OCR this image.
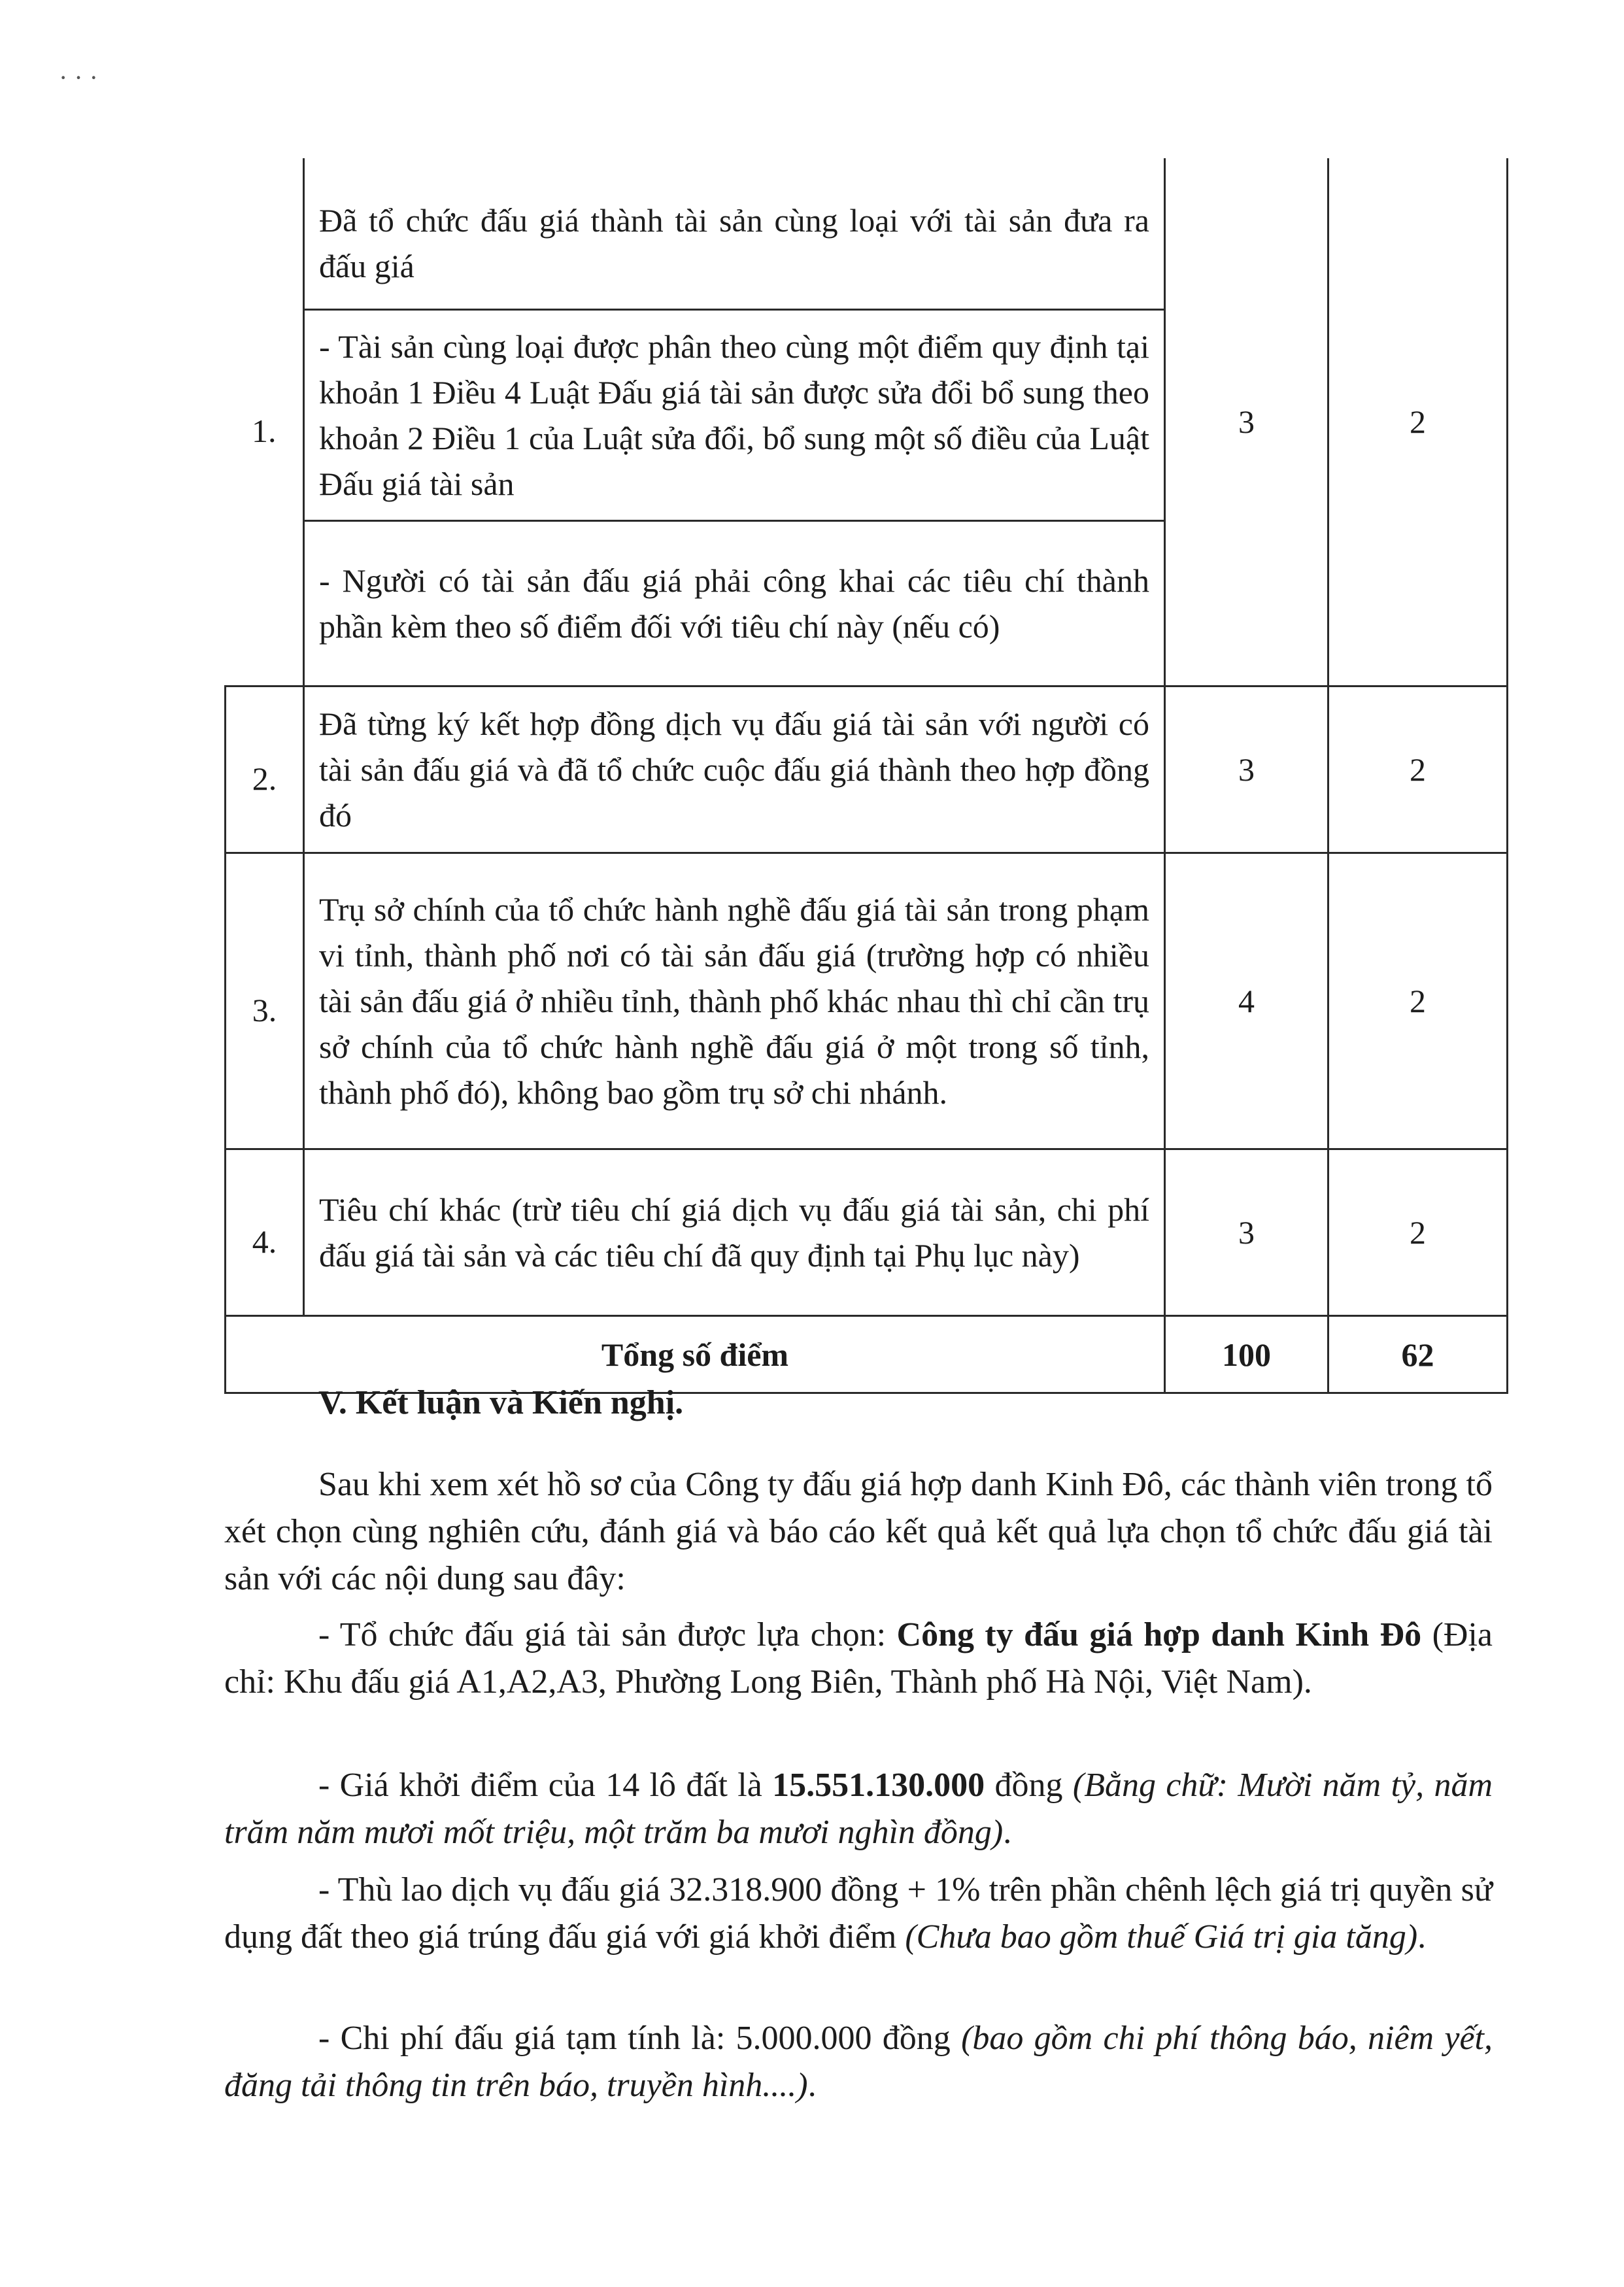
· · ·
1.	Đã tổ chức đấu giá thành tài sản cùng loại với tài sản đưa ra đấu giá	3	2
	- Tài sản cùng loại được phân theo cùng một điểm quy định tại khoản 1 Điều 4 Luật Đấu giá tài sản được sửa đổi bổ sung theo khoản 2 Điều 1 của Luật sửa đổi, bổ sung một số điều của Luật Đấu giá tài sản		
	- Người có tài sản đấu giá phải công khai các tiêu chí thành phần kèm theo số điểm đối với tiêu chí này (nếu có)		
2.	Đã từng ký kết hợp đồng dịch vụ đấu giá tài sản với người có tài sản đấu giá và đã tổ chức cuộc đấu giá thành theo hợp đồng đó	3	2
3.	Trụ sở chính của tổ chức hành nghề đấu giá tài sản trong phạm vi tỉnh, thành phố nơi có tài sản đấu giá (trường hợp có nhiều tài sản đấu giá ở nhiều tỉnh, thành phố khác nhau thì chỉ cần trụ sở chính của tổ chức hành nghề đấu giá ở một trong số tỉnh, thành phố đó), không bao gồm trụ sở chi nhánh.	4	2
4.	Tiêu chí khác (trừ tiêu chí giá dịch vụ đấu giá tài sản, chi phí đấu giá tài sản và các tiêu chí đã quy định tại Phụ lục này)	3	2
Tổng số điểm		100	62

V. Kết luận và Kiến nghị.

Sau khi xem xét hồ sơ của Công ty đấu giá hợp danh Kinh Đô, các thành viên trong tổ xét chọn cùng nghiên cứu, đánh giá và báo cáo kết quả kết quả lựa chọn tổ chức đấu giá tài sản với các nội dung sau đây:

- Tổ chức đấu giá tài sản được lựa chọn: Công ty đấu giá hợp danh Kinh Đô (Địa chỉ: Khu đấu giá A1,A2,A3, Phường Long Biên, Thành phố Hà Nội, Việt Nam).

- Giá khởi điểm của 14 lô đất là 15.551.130.000 đồng (Bằng chữ: Mười năm tỷ, năm trăm năm mươi mốt triệu, một trăm ba mươi nghìn đồng).

- Thù lao dịch vụ đấu giá 32.318.900 đồng + 1% trên phần chênh lệch giá trị quyền sử dụng đất theo giá trúng đấu giá với giá khởi điểm (Chưa bao gồm thuế Giá trị gia tăng).

- Chi phí đấu giá tạm tính là: 5.000.000 đồng (bao gồm chi phí thông báo, niêm yết, đăng tải thông tin trên báo, truyền hình....).
